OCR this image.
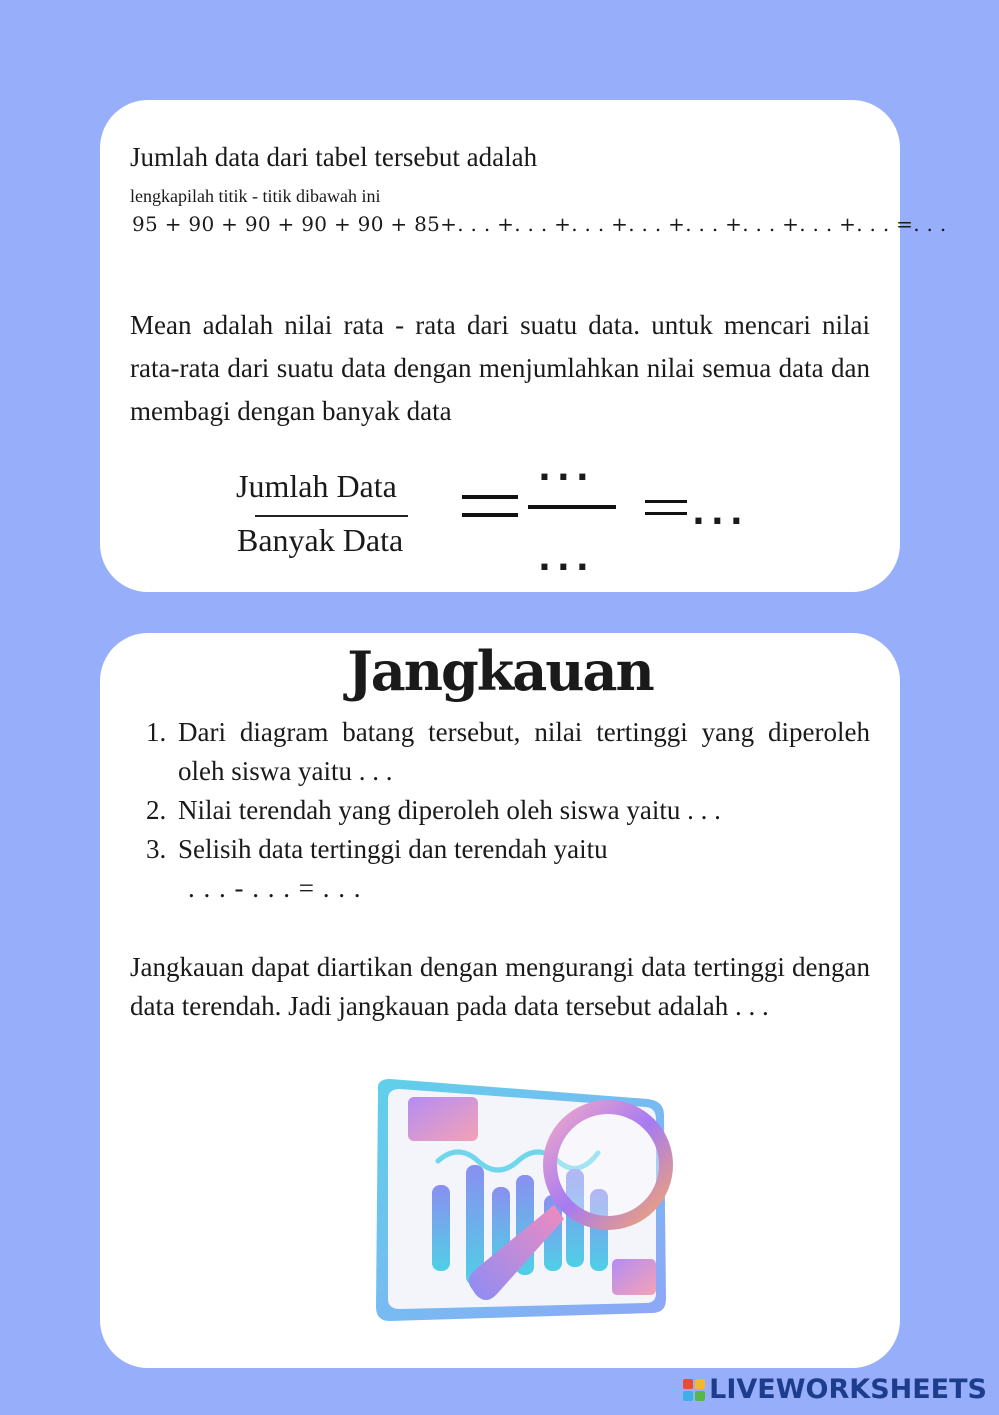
Jumlah data dari tabel tersebut adalah
lengkapilah titik - titik dibawah ini
95 + 90 + 90 + 90 + 90 + 85+. . . +. . . +. . . +. . . +. . . +. . . +. . . +. . . =. . .
Mean adalah nilai rata - rata dari suatu data. untuk mencari nilai rata-rata dari suatu data dengan menjumlahkan nilai semua data dan membagi dengan banyak data
Jumlah Data
Banyak Data
...
...
...
Jangkauan
1. Dari diagram batang tersebut, nilai tertinggi yang diperoleh oleh siswa yaitu . . .
2. Nilai terendah yang diperoleh oleh siswa yaitu . . .
3. Selisih data tertinggi dan terendah yaitu
. . . - . . . = . . .
Jangkauan dapat diartikan dengan mengurangi data tertinggi dengan data terendah. Jadi jangkauan pada data tersebut adalah . . .
LIVEWORKSHEETS
